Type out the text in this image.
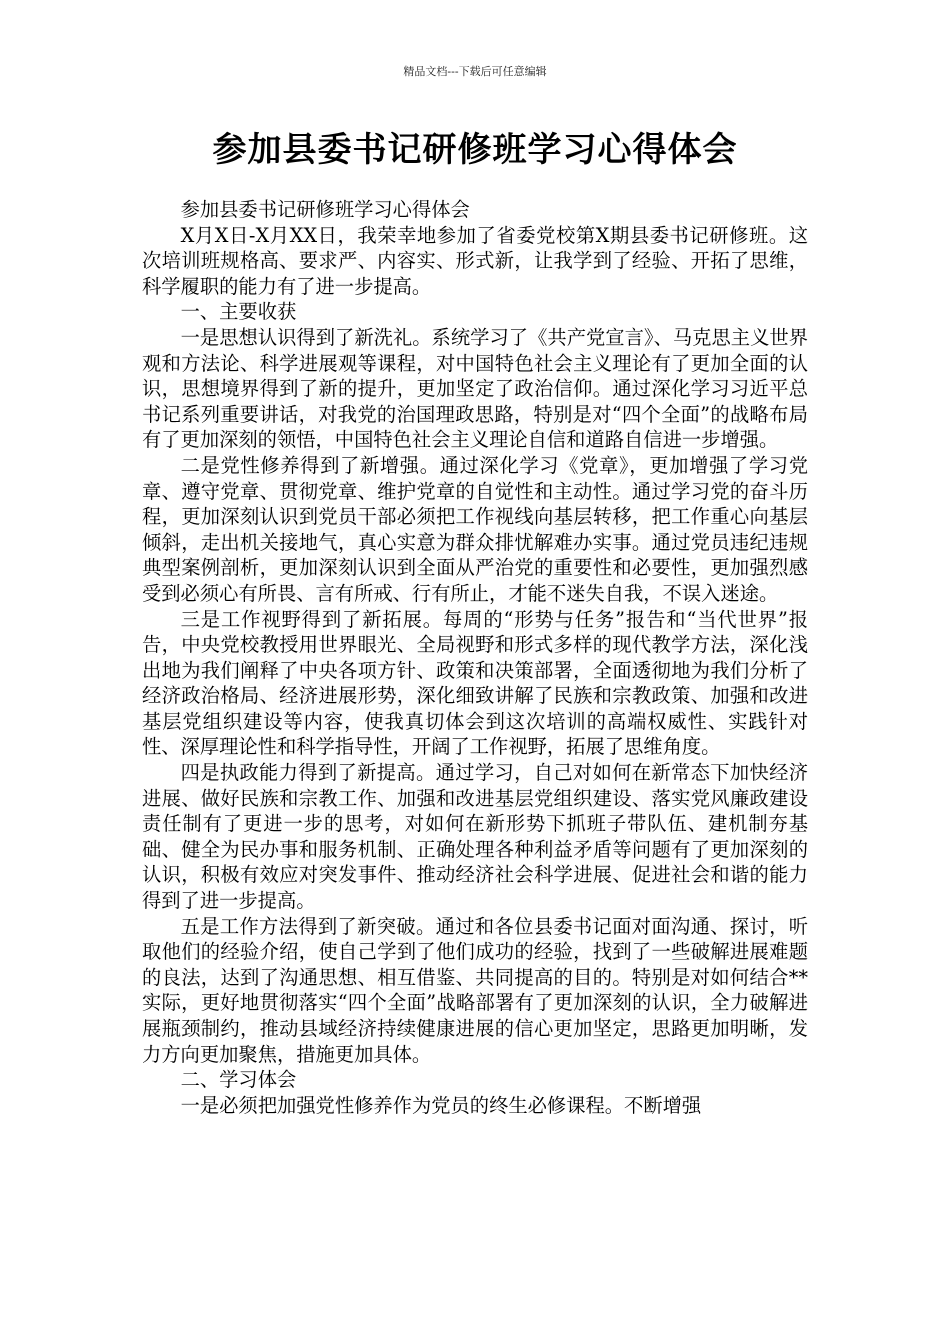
精品文档---下载后可任意编辑
参加县委书记研修班学习心得体会

参加县委书记研修班学习心得体会

X月X日-X月XX日，我荣幸地参加了省委党校第X期县委书记研修班。这次培训班规格高、要求严、内容实、形式新，让我学到了经验、开拓了思维，科学履职的能力有了进一步提高。

一、主要收获

一是思想认识得到了新洗礼。系统学习了《共产党宣言》、马克思主义世界观和方法论、科学进展观等课程，对中国特色社会主义理论有了更加全面的认识，思想境界得到了新的提升，更加坚定了政治信仰。通过深化学习习近平总书记系列重要讲话，对我党的治国理政思路，特别是对“四个全面”的战略布局有了更加深刻的领悟，中国特色社会主义理论自信和道路自信进一步增强。

二是党性修养得到了新增强。通过深化学习《党章》，更加增强了学习党章、遵守党章、贯彻党章、维护党章的自觉性和主动性。通过学习党的奋斗历程，更加深刻认识到党员干部必须把工作视线向基层转移，把工作重心向基层倾斜，走出机关接地气，真心实意为群众排忧解难办实事。通过党员违纪违规典型案例剖析，更加深刻认识到全面从严治党的重要性和必要性，更加强烈感受到必须心有所畏、言有所戒、行有所止，才能不迷失自我，不误入迷途。

三是工作视野得到了新拓展。每周的“形势与任务”报告和“当代世界”报告，中央党校教授用世界眼光、全局视野和形式多样的现代教学方法，深化浅出地为我们阐释了中央各项方针、政策和决策部署，全面透彻地为我们分析了经济政治格局、经济进展形势，深化细致讲解了民族和宗教政策、加强和改进基层党组织建设等内容，使我真切体会到这次培训的高端权威性、实践针对性、深厚理论性和科学指导性，开阔了工作视野，拓展了思维角度。

四是执政能力得到了新提高。通过学习，自己对如何在新常态下加快经济进展、做好民族和宗教工作、加强和改进基层党组织建设、落实党风廉政建设责任制有了更进一步的思考，对如何在新形势下抓班子带队伍、建机制夯基础、健全为民办事和服务机制、正确处理各种利益矛盾等问题有了更加深刻的认识，积极有效应对突发事件、推动经济社会科学进展、促进社会和谐的能力得到了进一步提高。

五是工作方法得到了新突破。通过和各位县委书记面对面沟通、探讨，听取他们的经验介绍，使自己学到了他们成功的经验，找到了一些破解进展难题的良法，达到了沟通思想、相互借鉴、共同提高的目的。特别是对如何结合**实际，更好地贯彻落实“四个全面”战略部署有了更加深刻的认识，全力破解进展瓶颈制约，推动县域经济持续健康进展的信心更加坚定，思路更加明晰，发力方向更加聚焦，措施更加具体。

二、学习体会

一是必须把加强党性修养作为党员的终生必修课程。不断增强
